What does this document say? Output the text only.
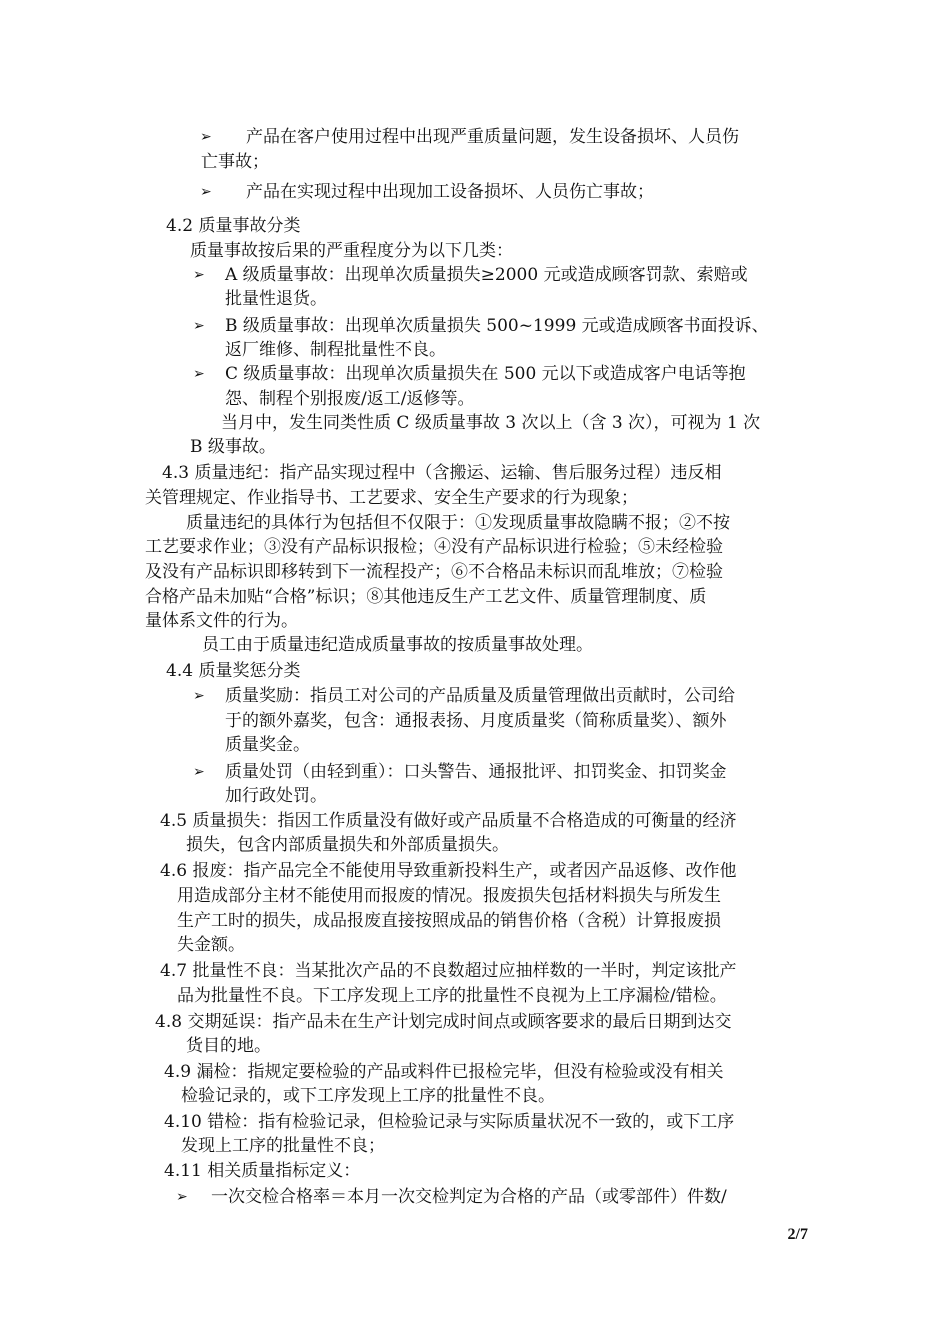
➢ 产品在客户使用过程中出现严重质量问题，发生设备损坏、人员伤
亡事故；
➢ 产品在实现过程中出现加工设备损坏、人员伤亡事故；
4.2 质量事故分类
质量事故按后果的严重程度分为以下几类：
➢ A 级质量事故：出现单次质量损失≥2000 元或造成顾客罚款、索赔或
批量性退货。
➢ B 级质量事故：出现单次质量损失 500~1999 元或造成顾客书面投诉、
返厂维修、制程批量性不良。
➢ C 级质量事故：出现单次质量损失在 500 元以下或造成客户电话等抱
怨、制程个别报废/返工/返修等。
当月中，发生同类性质 C 级质量事故 3 次以上（含 3 次），可视为 1 次
B 级事故。
4.3 质量违纪：指产品实现过程中（含搬运、运输、售后服务过程）违反相
关管理规定、作业指导书、工艺要求、安全生产要求的行为现象；
质量违纪的具体行为包括但不仅限于：①发现质量事故隐瞒不报；②不按
工艺要求作业；③没有产品标识报检；④没有产品标识进行检验；⑤未经检验
及没有产品标识即移转到下一流程投产；⑥不合格品未标识而乱堆放；⑦检验
合格产品未加贴“合格”标识；⑧其他违反生产工艺文件、质量管理制度、质
量体系文件的行为。
员工由于质量违纪造成质量事故的按质量事故处理。
4.4 质量奖惩分类
➢ 质量奖励：指员工对公司的产品质量及质量管理做出贡献时，公司给
于的额外嘉奖，包含：通报表扬、月度质量奖（简称质量奖）、额外
质量奖金。
➢ 质量处罚（由轻到重）：口头警告、通报批评、扣罚奖金、扣罚奖金
加行政处罚。
4.5 质量损失：指因工作质量没有做好或产品质量不合格造成的可衡量的经济
损失，包含内部质量损失和外部质量损失。
4.6 报废：指产品完全不能使用导致重新投料生产，或者因产品返修、改作他
用造成部分主材不能使用而报废的情况。报废损失包括材料损失与所发生
生产工时的损失，成品报废直接按照成品的销售价格（含税）计算报废损
失金额。
4.7 批量性不良：当某批次产品的不良数超过应抽样数的一半时，判定该批产
品为批量性不良。下工序发现上工序的批量性不良视为上工序漏检/错检。
4.8 交期延误：指产品未在生产计划完成时间点或顾客要求的最后日期到达交
货目的地。
4.9 漏检：指规定要检验的产品或料件已报检完毕，但没有检验或没有相关
检验记录的，或下工序发现上工序的批量性不良。
4.10 错检：指有检验记录，但检验记录与实际质量状况不一致的，或下工序
发现上工序的批量性不良；
4.11 相关质量指标定义：
➢ 一次交检合格率＝本月一次交检判定为合格的产品（或零部件）件数/
2/7
